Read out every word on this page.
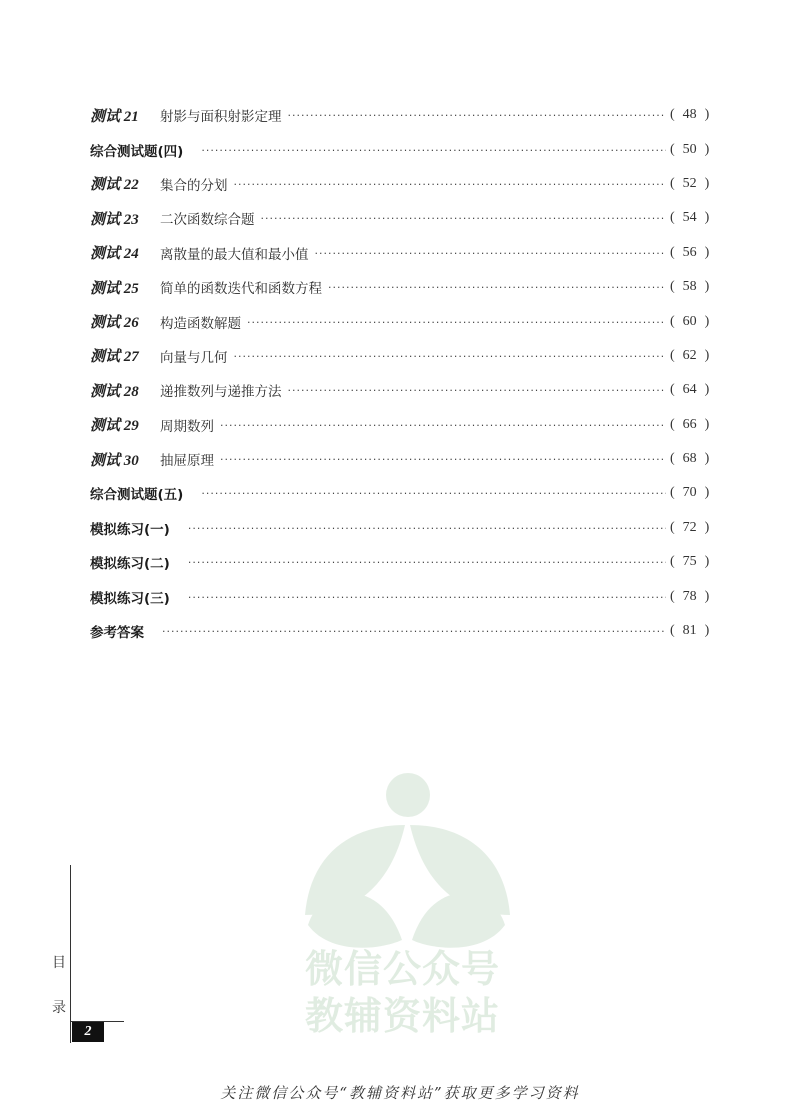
测试 21	射影与面积射影定理 ·····	( 48 )
综合测试题(四) ·····	( 50 )
测试 22	集合的分划 ·····	( 52 )
测试 23	二次函数综合题 ·····	( 54 )
测试 24	离散量的最大值和最小值 ·····	( 56 )
测试 25	简单的函数迭代和函数方程 ·····	( 58 )
测试 26	构造函数解题 ·····	( 60 )
测试 27	向量与几何 ·····	( 62 )
测试 28	递推数列与递推方法 ·····	( 64 )
测试 29	周期数列 ·····	( 66 )
测试 30	抽屉原理 ·····	( 68 )
综合测试题(五) ·····	( 70 )
模拟练习(一) ·····	( 72 )
模拟练习(二) ·····	( 75 )
模拟练习(三) ·····	( 78 )
参考答案 ·····	( 81 )
微信公众号
教辅资料站
目
录
2
关注微信公众号“教辅资料站”获取更多学习资料
